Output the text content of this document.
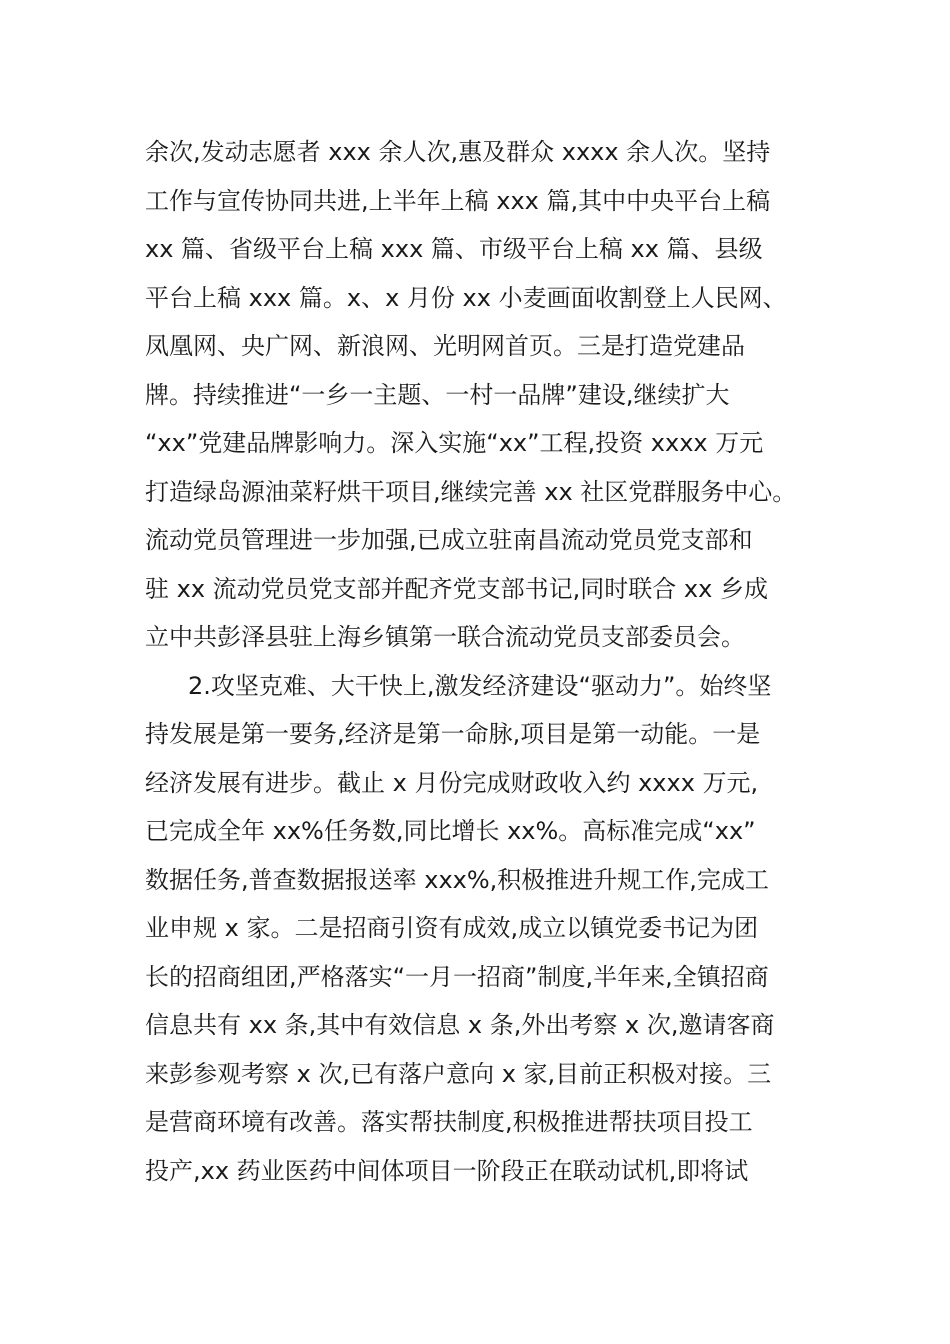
余次,发动志愿者 xxx 余人次,惠及群众 xxxx 余人次。坚持
工作与宣传协同共进,上半年上稿 xxx 篇,其中中央平台上稿
xx 篇、省级平台上稿 xxx 篇、市级平台上稿 xx 篇、县级
平台上稿 xxx 篇。x、x 月份 xx 小麦画面收割登上人民网、
凤凰网、央广网、新浪网、光明网首页。三是打造党建品
牌。持续推进“一乡一主题、一村一品牌”建设,继续扩大
“xx”党建品牌影响力。深入实施“xx”工程,投资 xxxx 万元
打造绿岛源油菜籽烘干项目,继续完善 xx 社区党群服务中心。
流动党员管理进一步加强,已成立驻南昌流动党员党支部和
驻 xx 流动党员党支部并配齐党支部书记,同时联合 xx 乡成
立中共彭泽县驻上海乡镇第一联合流动党员支部委员会。
2.攻坚克难、大干快上,激发经济建设“驱动力”。始终坚
持发展是第一要务,经济是第一命脉,项目是第一动能。一是
经济发展有进步。截止 x 月份完成财政收入约 xxxx 万元,
已完成全年 xx%任务数,同比增长 xx%。高标准完成“xx”
数据任务,普查数据报送率 xxx%,积极推进升规工作,完成工
业申规 x 家。二是招商引资有成效,成立以镇党委书记为团
长的招商组团,严格落实“一月一招商”制度,半年来,全镇招商
信息共有 xx 条,其中有效信息 x 条,外出考察 x 次,邀请客商
来彭参观考察 x 次,已有落户意向 x 家,目前正积极对接。三
是营商环境有改善。落实帮扶制度,积极推进帮扶项目投工
投产,xx 药业医药中间体项目一阶段正在联动试机,即将试
